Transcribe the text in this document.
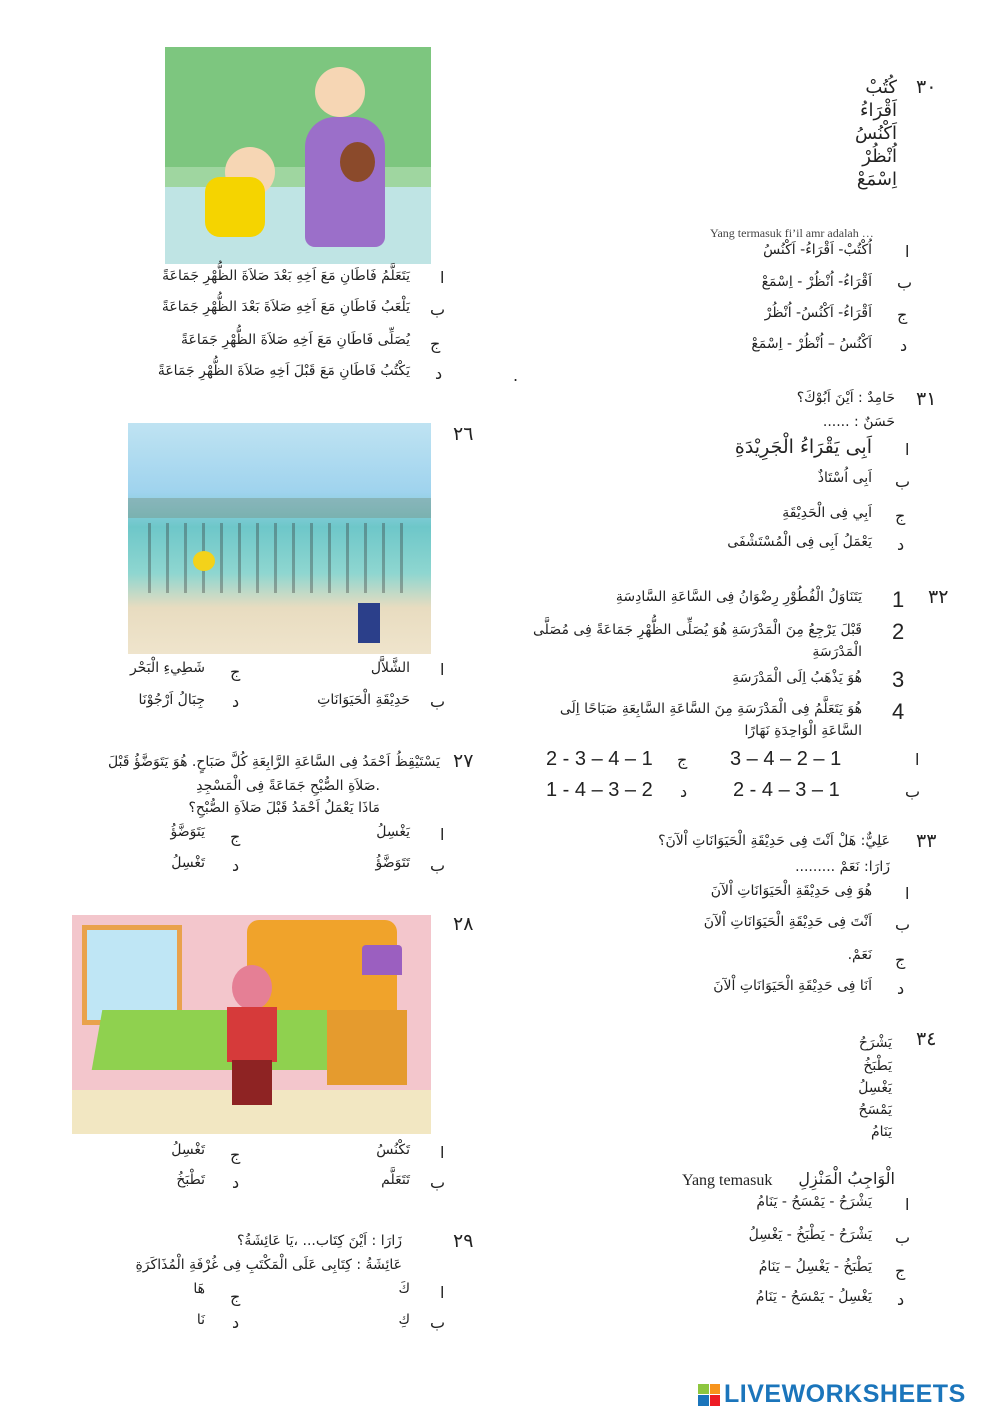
٣٠
كُتُبْ
اَقْرَاءُ
اَكْنُسُ
اُنْظُرْ
اِسْمَعْ
Yang termasuk fi’il amr adalah …
ا
اُكْتُبْ- اَقْرَاءُ- اَكْنُسُ
ب
اَقْرَاءُ- اُنْظُرْ - اِسْمَعْ
ج
اَقْرَاءُ- اَكْنُسُ- اُنْظُرْ
د
اَكْنُسُ – اُنْظُرْ - اِسْمَعْ
.
٣١
حَامِدٌ : اَيْنَ اَبُوْكَ؟
حَسَنٌ : ......
ا
اَبِى يَقْرَاءُ الْجَرِيْدَةِ
ب
اَبِى اُسْتَاذٌ
ج
اَبِي فِى الْحَدِيْقَةِ
د
يَعْمَلُ اَبِى فِى الْمُسْتَشْفَى
٣٢
1
يَتَنَاوَلُ الْفُطُوْرِ رِضْوَانُ فِى السَّاعَةِ السَّادِسَةِ
2
قَبْلَ يَرْجِعُ مِنَ الْمَدْرَسَةِ هُوَ يُصَلِّى الظُّهْرِ جَمَاعَةً فِى مُصَلَّى الْمَدْرَسَةِ
3
هُوَ يَذْهَبُ اِلَى الْمَدْرَسَةِ
4
هُوَ يَتَعَلَّمُ فِى الْمَدْرَسَةِ مِنَ السَّاعَةِ السَّابِعَةِ صَبَاحًا اِلَى السَّاعَةِ الْوَاحِدَةِ نَهَارًا
ا
3 – 4 – 2 – 1
ج
2 - 3 – 4 – 1
ب
2 - 4 – 3 – 1
د
1 - 4 – 3 – 2
٣٣
عَلِيٌّ: هَلْ اَنْتَ فِى حَدِيْقَةِ الْحَيَوَانَاتِ اْلآنَ؟
زَارَا: نَعَمْ .........
ا
هُوَ فِى حَدِيْقَةِ الْحَيَوَانَاتِ اْلآنَ
ب
اَنْتَ فِى حَدِيْقَةِ الْحَيَوَانَاتِ اْلآنَ
ج
نَعَمْ.
د
اَنَا فِى حَدِيْقَةِ الْحَيَوَانَاتِ اْلآنَ
٣٤
يَشْرَحُ
يَطْبَخُ
يَغْسِلُ
يَمْسَحُ
يَنَامُ
Yang temasuk الْوَاجِبُ الْمَنْزِلِ
ا
يَشْرَحُ - يَمْسَحُ - يَنَامُ
ب
يَشْرَحُ - يَطْبَخُ - يَغْسِلُ
ج
يَطْبَخُ - يَغْسِلُ – يَنَامُ
د
يَغْسِلُ - يَمْسَحُ - يَنَامُ
ا
يَتَعَلَّمُ فَاطَانِ مَعَ اَخِهِ بَعْدَ صَلاَةَ الظُّهْرِ جَمَاعَةً
ب
يَلْعَبُ فَاطَانِ مَعَ اَخِهِ صَلاَةَ بَعْدَ الظُّهْرِ جَمَاعَةً
ج
يُصَلِّى فَاطَانِ مَعَ اَخِهِ صَلاَةَ الظُّهْرِ جَمَاعَةً
د
يَكْتُبُ فَاطَانِ مَعَ قَبْلَ اَخِهِ صَلاَةَ الظُّهْرِ جَمَاعَةً
٢٦
ا
الشَّلاَّل
ج
شَطِيءِ الْبَحْر
ب
حَدِيْقَةِ الْحَيَوَانَاتِ
د
جِبَالُ اَرْجُوْنَا
٢٧
يَسْتَيْقِظُ اَحْمَدُ فِى السَّاعَةِ الرَّابِعَةِ كُلَّ صَبَاحٍ. هُوَ يَتَوَضَّؤُ قَبْلَ
.صَلاَةِ الصُّبْحِ جَمَاعَةً فِى الْمَسْجِدِ
مَاذَا يَعْمَلُ اَحْمَدُ قَبْلَ صَلاَةِ الصُّبْحِ؟
ا
يَغْسِلُ
ج
يَتَوَضَّؤُ
ب
تَتَوَضَّؤُ
د
تَغْسِلُ
٢٨
ا
تَكْنُسُ
ج
تَغْسِلُ
ب
تَتَعَلَّم
د
تَطْبَخُ
٢٩
زَارَا : اَيْنَ كِتَاب... ،يَا عَائِشَةُ؟
عَائِشَةُ : كِتَابِى عَلَى الْمَكْتَبِ فِى غُرْفَةِ الْمُذَاكَرَةِ
ا
كَ
ج
هَا
ب
كِ
د
نَا
LIVEWORKSHEETS
